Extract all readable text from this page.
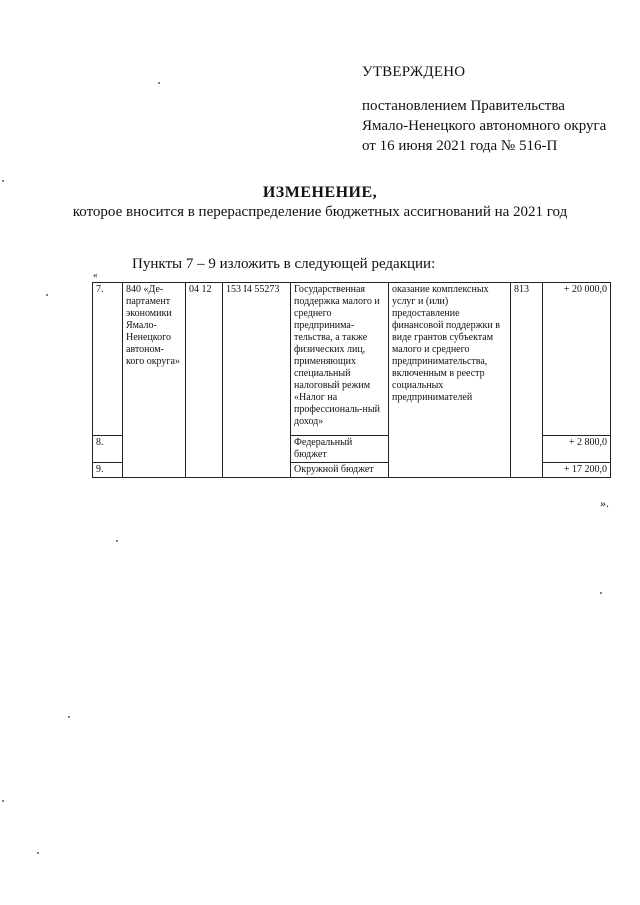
УТВЕРЖДЕНО
постановлением Правительства
Ямало-Ненецкого автономного округа
от 16 июня 2021 года № 516-П
ИЗМЕНЕНИЕ,
которое вносится в перераспределение бюджетных ассигнований на 2021 год
Пункты 7 – 9 изложить в следующей редакции:
«
7.	840 «Де-партамент экономики Ямало-Ненецкого автоном-кого округа»	04 12	153 I4 55273	Государственная поддержка малого и среднего предпринима-тельства, а также физических лиц, применяющих специальный налоговый режим «Налог на профессиональ-ный доход»	оказание комплексных услуг и (или) предоставление финансовой поддержки в виде грантов субъектам малого и среднего предпринимательства, включенным в реестр социальных предпринимателей	813	+ 20 000,0
8.				Федеральный бюджет			+ 2 800,0
9.				Окружной бюджет			+ 17 200,0
».
